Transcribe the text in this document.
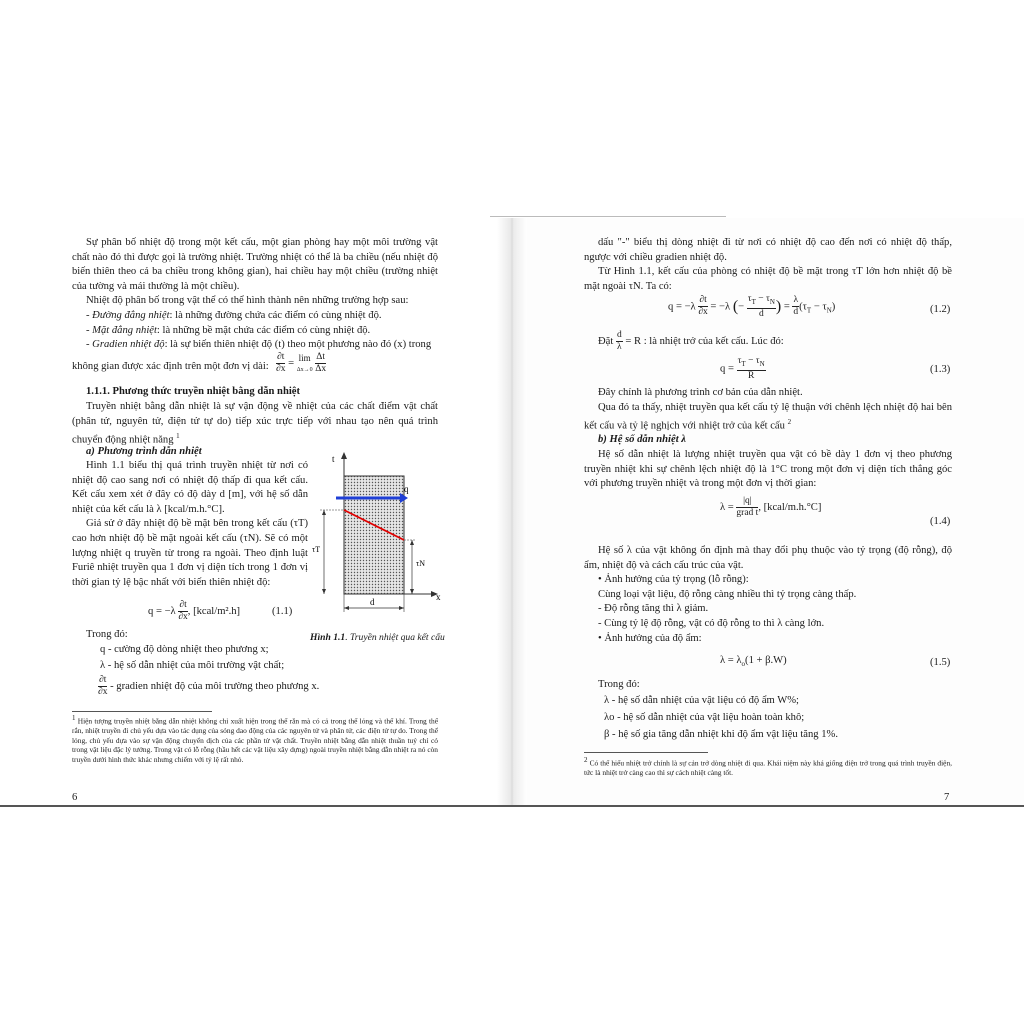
Sự phân bố nhiệt độ trong một kết cấu, một gian phòng hay một môi trường vật chất nào đó thì được gọi là trường nhiệt. Trường nhiệt có thể là ba chiều (nếu nhiệt độ biến thiên theo cả ba chiều trong không gian), hai chiều hay một chiều (trường nhiệt của tường và mái thường là một chiều).

Nhiệt độ phân bố trong vật thể có thể hình thành nên những trường hợp sau:

- Đường đẳng nhiệt: là những đường chứa các điểm có cùng nhiệt độ.

- Mặt đẳng nhiệt: là những bề mặt chứa các điểm có cùng nhiệt độ.

- Gradien nhiệt độ: là sự biến thiên nhiệt độ (t) theo một phương nào đó (x) trong

không gian được xác định trên một đơn vị dài: $\frac{\partial t}{\partial x} = \lim$
$\Delta x\to 0 \frac{\Delta t}{\Delta x}$
1.1.1. Phương thức truyền nhiệt bằng dẫn nhiệt

Truyền nhiệt bằng dẫn nhiệt là sự vận động về nhiệt của các chất điểm vật chất (phân tử, nguyên tử, điện tử tự do) tiếp xúc trực tiếp với nhau tạo nên quá trình chuyển động nhiệt năng $^1$

a) Phương trình dẫn nhiệt

Hình 1.1 biểu thị quá trình truyền nhiệt từ nơi có nhiệt độ cao sang nơi có nhiệt độ thấp đi qua kết cấu. Kết cấu xem xét ở đây có độ dày d [m], với hệ số dẫn nhiệt của kết cấu là λ [kcal/m.h.°C].

Giả sử ở đây nhiệt độ bề mặt bên trong kết cấu (τT) cao hơn nhiệt độ bề mặt ngoài kết cấu (τN). Sẽ có một lượng nhiệt q truyền từ trong ra ngoài. Theo định luật Furiê nhiệt truyền qua 1 đơn vị diện tích trong 1 đơn vị thời gian tỷ lệ bậc nhất với biến thiên nhiệt độ:

$q = -\lambda \frac{\partial t}{\partial x}$ , [kcal/m².h]	(1.1)
Trong đó:
q - cường độ dòng nhiệt theo phương x;
λ - hệ số dẫn nhiệt của môi trường vật chất;
$\frac{\partial t}{\partial x}$ - gradien nhiệt độ của môi trường theo phương x.
t
q
τT
τN
d	x
Hình 1.1. Truyền nhiệt qua kết cấu
$^1$ Hiện tượng truyền nhiệt bằng dẫn nhiệt không chỉ xuất hiện trong thể rắn mà có cả trong thể lỏng và thể khí. Trong thể rắn, nhiệt truyền đi chủ yếu dựa vào tác dụng của sóng dao động của các nguyên tử và phân tử, các điện tử tự do. Trong thể lỏng, chủ yếu dựa vào sự vận động chuyển dịch của các phần tử vật chất. Truyền nhiệt bằng dẫn nhiệt thuần tuý chỉ có trong vật liệu đặc lý tưởng. Trong vật có lỗ rỗng (hầu hết các vật liệu xây dựng) ngoài truyền nhiệt bằng dẫn nhiệt ra nó còn truyền dưới hình thức khác nhưng chiếm với tỷ lệ rất nhỏ.
6

dấu "-" biểu thị dòng nhiệt đi từ nơi có nhiệt độ cao đến nơi có nhiệt độ thấp, ngược với chiều gradien nhiệt độ.

Từ Hình 1.1, kết cấu của phòng có nhiệt độ bề mặt trong τT lớn hơn nhiệt độ bề mặt ngoài τN. Ta có:

$q = -\lambda \frac{\partial t}{\partial x} = -\lambda$ (− $\frac{\tau_T - \tau_N}{d}$ ) = $\frac{\lambda}{d} (\tau_T - \tau_N)$	(1.2)
Đặt $\frac{d}{\lambda} = R$ : là nhiệt trở của kết cấu. Lúc đó:
$q = \frac{\tau_T - \tau_N}{R}$	(1.3)

Đây chính là phương trình cơ bản của dẫn nhiệt.

Qua đó ta thấy, nhiệt truyền qua kết cấu tỷ lệ thuận với chênh lệch nhiệt độ hai bên kết cấu và tỷ lệ nghịch với nhiệt trở của kết cấu $^2$

b) Hệ số dẫn nhiệt λ

Hệ số dẫn nhiệt là lượng nhiệt truyền qua vật có bề dày 1 đơn vị theo phương truyền nhiệt khi sự chênh lệch nhiệt độ là 1°C trong một đơn vị diện tích thẳng góc với phương truyền nhiệt và trong một đơn vị thời gian:

$\lambda = \frac{|q|}{\text{grad t}}$ , [kcal/m.h.°C]
(1.4)

Hệ số λ của vật không ổn định mà thay đổi phụ thuộc vào tỷ trọng (độ rỗng), độ ẩm, nhiệt độ và cách cấu trúc của vật.

• Ảnh hưởng của tỷ trọng (lỗ rỗng):

Cùng loại vật liệu, độ rỗng càng nhiều thì tỷ trọng càng thấp.

- Độ rỗng tăng thì λ giảm.

- Cùng tỷ lệ độ rỗng, vật có độ rỗng to thì λ càng lớn.

• Ảnh hưởng của độ ẩm:

$\lambda = \lambda_o(1 + \beta.W)$	(1.5)
Trong đó:
λ - hệ số dẫn nhiệt của vật liệu có độ ẩm W%;
λo - hệ số dẫn nhiệt của vật liệu hoàn toàn khô;
β - hệ số gia tăng dẫn nhiệt khi độ ẩm vật liệu tăng 1%.
$^2$ Có thể hiểu nhiệt trở chính là sự cản trở dòng nhiệt đi qua. Khái niệm này khá giống điện trở trong quá trình truyền điện, tức là nhiệt trở càng cao thì sự cách nhiệt càng tốt.
7
